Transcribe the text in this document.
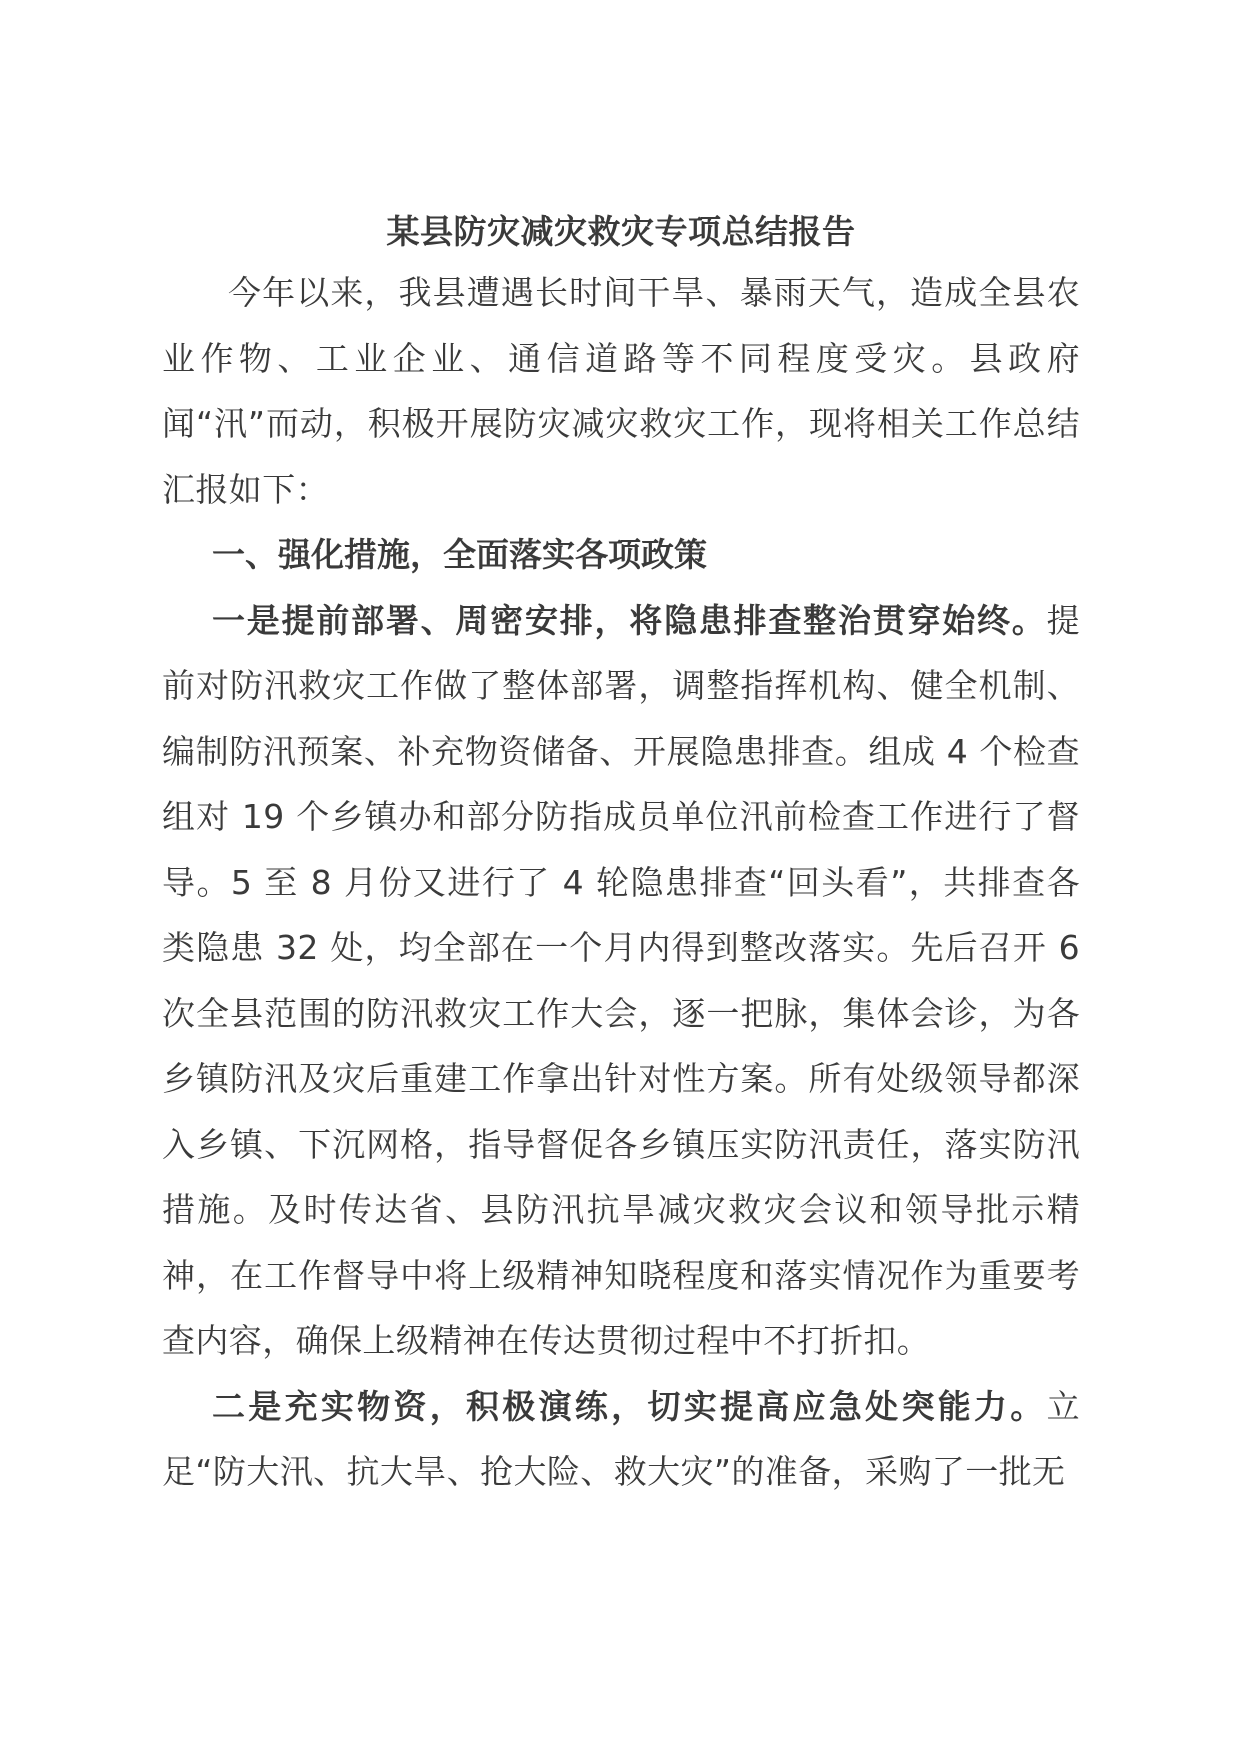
某县防灾减灾救灾专项总结报告

今年以来，我县遭遇长时间干旱、暴雨天气，造成全县农业作物、工业企业、通信道路等不同程度受灾。县政府闻“汛”而动，积极开展防灾减灾救灾工作，现将相关工作总结汇报如下：

一、强化措施，全面落实各项政策

一是提前部署、周密安排，将隐患排查整治贯穿始终。提前对防汛救灾工作做了整体部署，调整指挥机构、健全机制、编制防汛预案、补充物资储备、开展隐患排查。组成 4 个检查组对 19 个乡镇办和部分防指成员单位汛前检查工作进行了督导。5 至 8 月份又进行了 4 轮隐患排查“回头看”，共排查各类隐患 32 处，均全部在一个月内得到整改落实。先后召开 6 次全县范围的防汛救灾工作大会，逐一把脉，集体会诊，为各乡镇防汛及灾后重建工作拿出针对性方案。所有处级领导都深入乡镇、下沉网格，指导督促各乡镇压实防汛责任，落实防汛措施。及时传达省、县防汛抗旱减灾救灾会议和领导批示精神，在工作督导中将上级精神知晓程度和落实情况作为重要考查内容，确保上级精神在传达贯彻过程中不打折扣。

二是充实物资，积极演练，切实提高应急处突能力。立足“防大汛、抗大旱、抢大险、救大灾”的准备，采购了一批无
